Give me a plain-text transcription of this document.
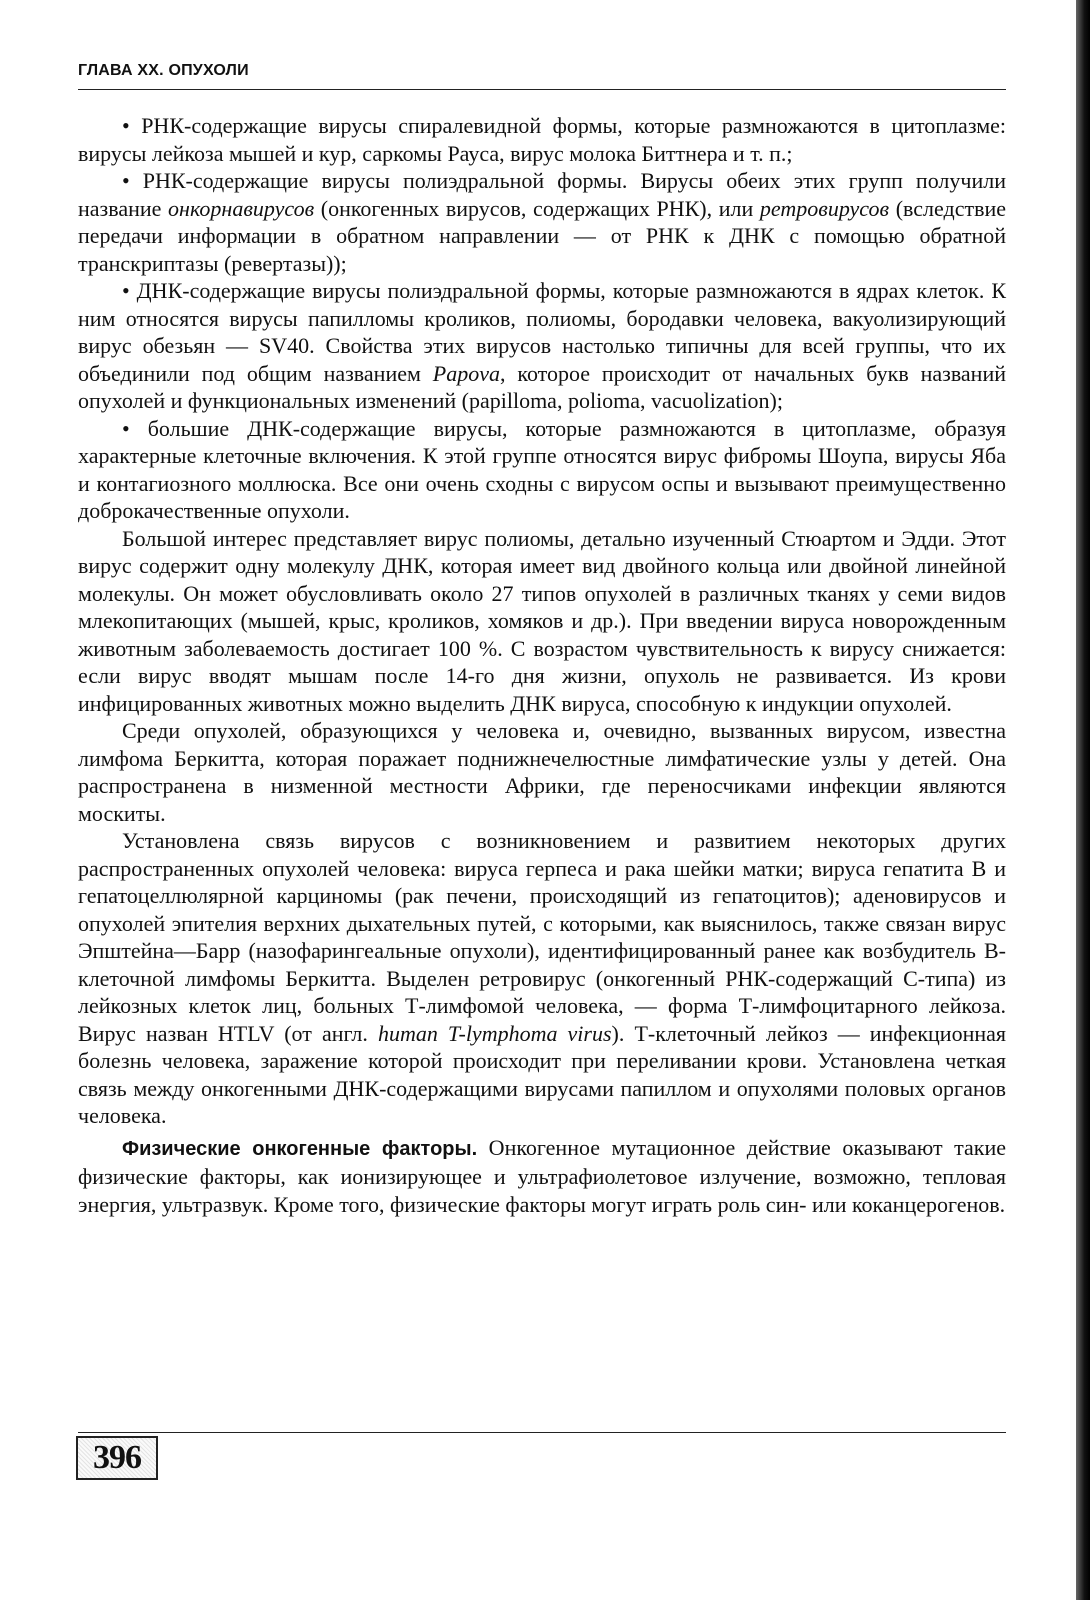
ГЛАВА XX. ОПУХОЛИ

• РНК-содержащие вирусы спиралевидной формы, которые размножаются в цитоплазме: вирусы лейкоза мышей и кур, саркомы Рауса, вирус молока Биттнера и т. п.;

• РНК-содержащие вирусы полиэдральной формы. Вирусы обеих этих групп получили название онкорнавирусов (онкогенных вирусов, содержащих РНК), или ретровирусов (вследствие передачи информации в обратном направлении — от РНК к ДНК с помощью обратной транскриптазы (ревертазы));

• ДНК-содержащие вирусы полиэдральной формы, которые размножаются в ядрах клеток. К ним относятся вирусы папилломы кроликов, полиомы, бородавки человека, вакуолизирующий вирус обезьян — SV40. Свойства этих вирусов настолько типичны для всей группы, что их объединили под общим названием Papova, которое происходит от начальных букв названий опухолей и функциональных изменений (papilloma, polioma, vacuolization);

• большие ДНК-содержащие вирусы, которые размножаются в цитоплазме, образуя характерные клеточные включения. К этой группе относятся вирус фибромы Шоупа, вирусы Яба и контагиозного моллюска. Все они очень сходны с вирусом оспы и вызывают преимущественно доброкачественные опухоли.

Большой интерес представляет вирус полиомы, детально изученный Стюартом и Эдди. Этот вирус содержит одну молекулу ДНК, которая имеет вид двойного кольца или двойной линейной молекулы. Он может обусловливать около 27 типов опухолей в различных тканях у семи видов млекопитающих (мышей, крыс, кроликов, хомяков и др.). При введении вируса новорожденным животным заболеваемость достигает 100 %. С возрастом чувствительность к вирусу снижается: если вирус вводят мышам после 14-го дня жизни, опухоль не развивается. Из крови инфицированных животных можно выделить ДНК вируса, способную к индукции опухолей.

Среди опухолей, образующихся у человека и, очевидно, вызванных вирусом, известна лимфома Беркитта, которая поражает поднижнечелюстные лимфатические узлы у детей. Она распространена в низменной местности Африки, где переносчиками инфекции являются москиты.

Установлена связь вирусов с возникновением и развитием некоторых других распространенных опухолей человека: вируса герпеса и рака шейки матки; вируса гепатита В и гепатоцеллюлярной карциномы (рак печени, происходящий из гепатоцитов); аденовирусов и опухолей эпителия верхних дыхательных путей, с которыми, как выяснилось, также связан вирус Эпштейна—Барр (назофарингеальные опухоли), идентифицированный ранее как возбудитель В-клеточной лимфомы Беркитта. Выделен ретровирус (онкогенный РНК-содержащий С-типа) из лейкозных клеток лиц, больных Т-лимфомой человека, — форма Т-лимфоцитарного лейкоза. Вирус назван HTLV (от англ. human T-lymphoma virus). Т-клеточный лейкоз — инфекционная болезнь человека, заражение которой происходит при переливании крови. Установлена четкая связь между онкогенными ДНК-содержащими вирусами папиллом и опухолями половых органов человека.

Физические онкогенные факторы. Онкогенное мутационное действие оказывают такие физические факторы, как ионизирующее и ультрафиолетовое излучение, возможно, тепловая энергия, ультразвук. Кроме того, физические факторы могут играть роль син- или коканцерогенов.

396
